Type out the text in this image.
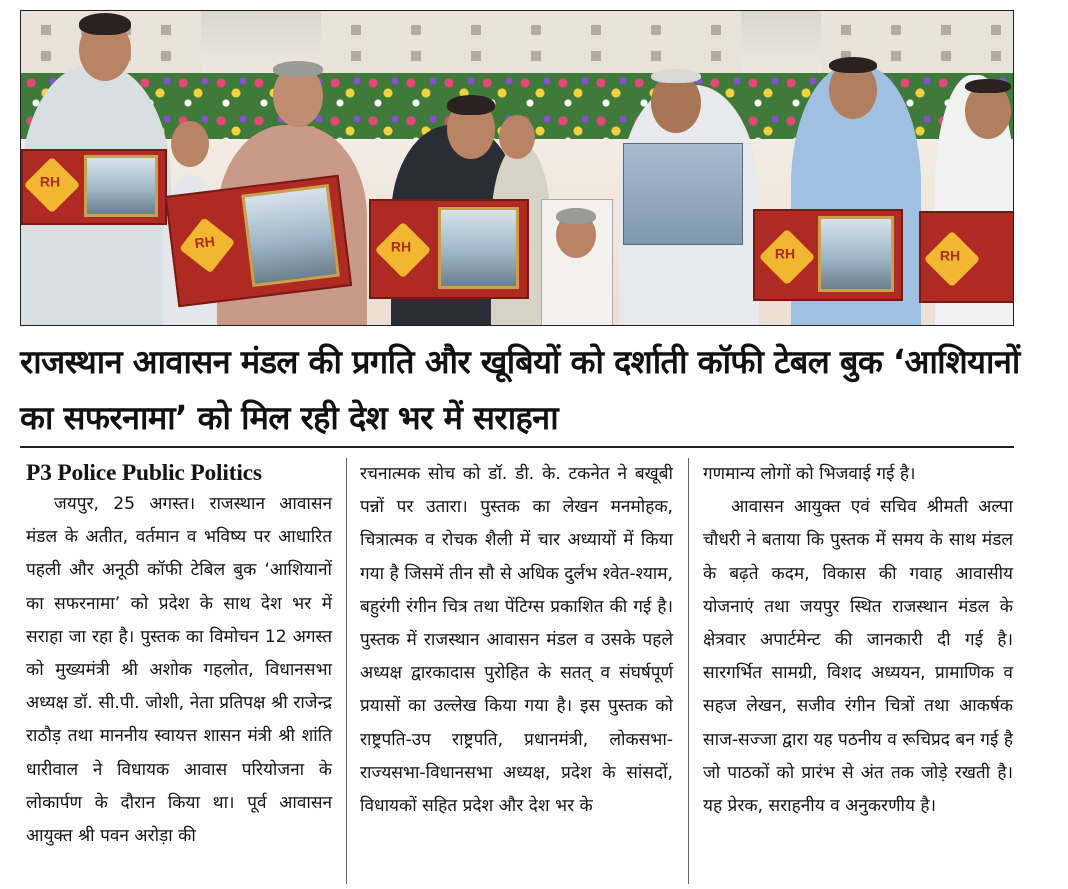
RH
RH	RH	RH	RH
राजस्थान आवासन मंडल की प्रगति और खूबियों को दर्शाती कॉफी टेबल बुक ‘आशियानों का सफरनामा’ को मिल रही देश भर में सराहना

P3 Police Public Politics

जयपुर, 25 अगस्त। राजस्थान आवासन मंडल के अतीत, वर्तमान व भविष्य पर आधारित पहली और अनूठी कॉफी टेबिल बुक ‘आशियानों का सफरनामा’ को प्रदेश के साथ देश भर में सराहा जा रहा है। पुस्तक का विमोचन 12 अगस्त को मुख्यमंत्री श्री अशोक गहलोत, विधानसभा अध्यक्ष डॉ. सी.पी. जोशी, नेता प्रतिपक्ष श्री राजेन्द्र राठौड़ तथा माननीय स्वायत्त शासन मंत्री श्री शांति धारीवाल ने विधायक आवास परियोजना के लोकार्पण के दौरान किया था। पूर्व आवासन आयुक्त श्री पवन अरोड़ा की

रचनात्मक सोच को डॉ. डी. के. टकनेत ने बखूबी पन्नों पर उतारा। पुस्तक का लेखन मनमोहक, चित्रात्मक व रोचक शैली में चार अध्यायों में किया गया है जिसमें तीन सौ से अधिक दुर्लभ श्वेत-श्याम, बहुरंगी रंगीन चित्र तथा पेंटिग्स प्रकाशित की गई है। पुस्तक में राजस्थान आवासन मंडल व उसके पहले अध्यक्ष द्वारकादास पुरोहित के सतत् व संघर्षपूर्ण प्रयासों का उल्लेख किया गया है। इस पुस्तक को राष्ट्रपति-उप राष्ट्रपति, प्रधानमंत्री, लोकसभा-राज्यसभा-विधानसभा अध्यक्ष, प्रदेश के सांसदों, विधायकों सहित प्रदेश और देश भर के

गणमान्य लोगों को भिजवाई गई है।

आवासन आयुक्त एवं सचिव श्रीमती अल्पा चौधरी ने बताया कि पुस्तक में समय के साथ मंडल के बढ़ते कदम, विकास की गवाह आवासीय योजनाएं तथा जयपुर स्थित राजस्थान मंडल के क्षेत्रवार अपार्टमेन्ट की जानकारी दी गई है। सारगर्भित सामग्री, विशद अध्ययन, प्रामाणिक व सहज लेखन, सजीव रंगीन चित्रों तथा आकर्षक साज-सज्जा द्वारा यह पठनीय व रूचिप्रद बन गई है जो पाठकों को प्रारंभ से अंत तक जोड़े रखती है। यह प्रेरक, सराहनीय व अनुकरणीय है।
